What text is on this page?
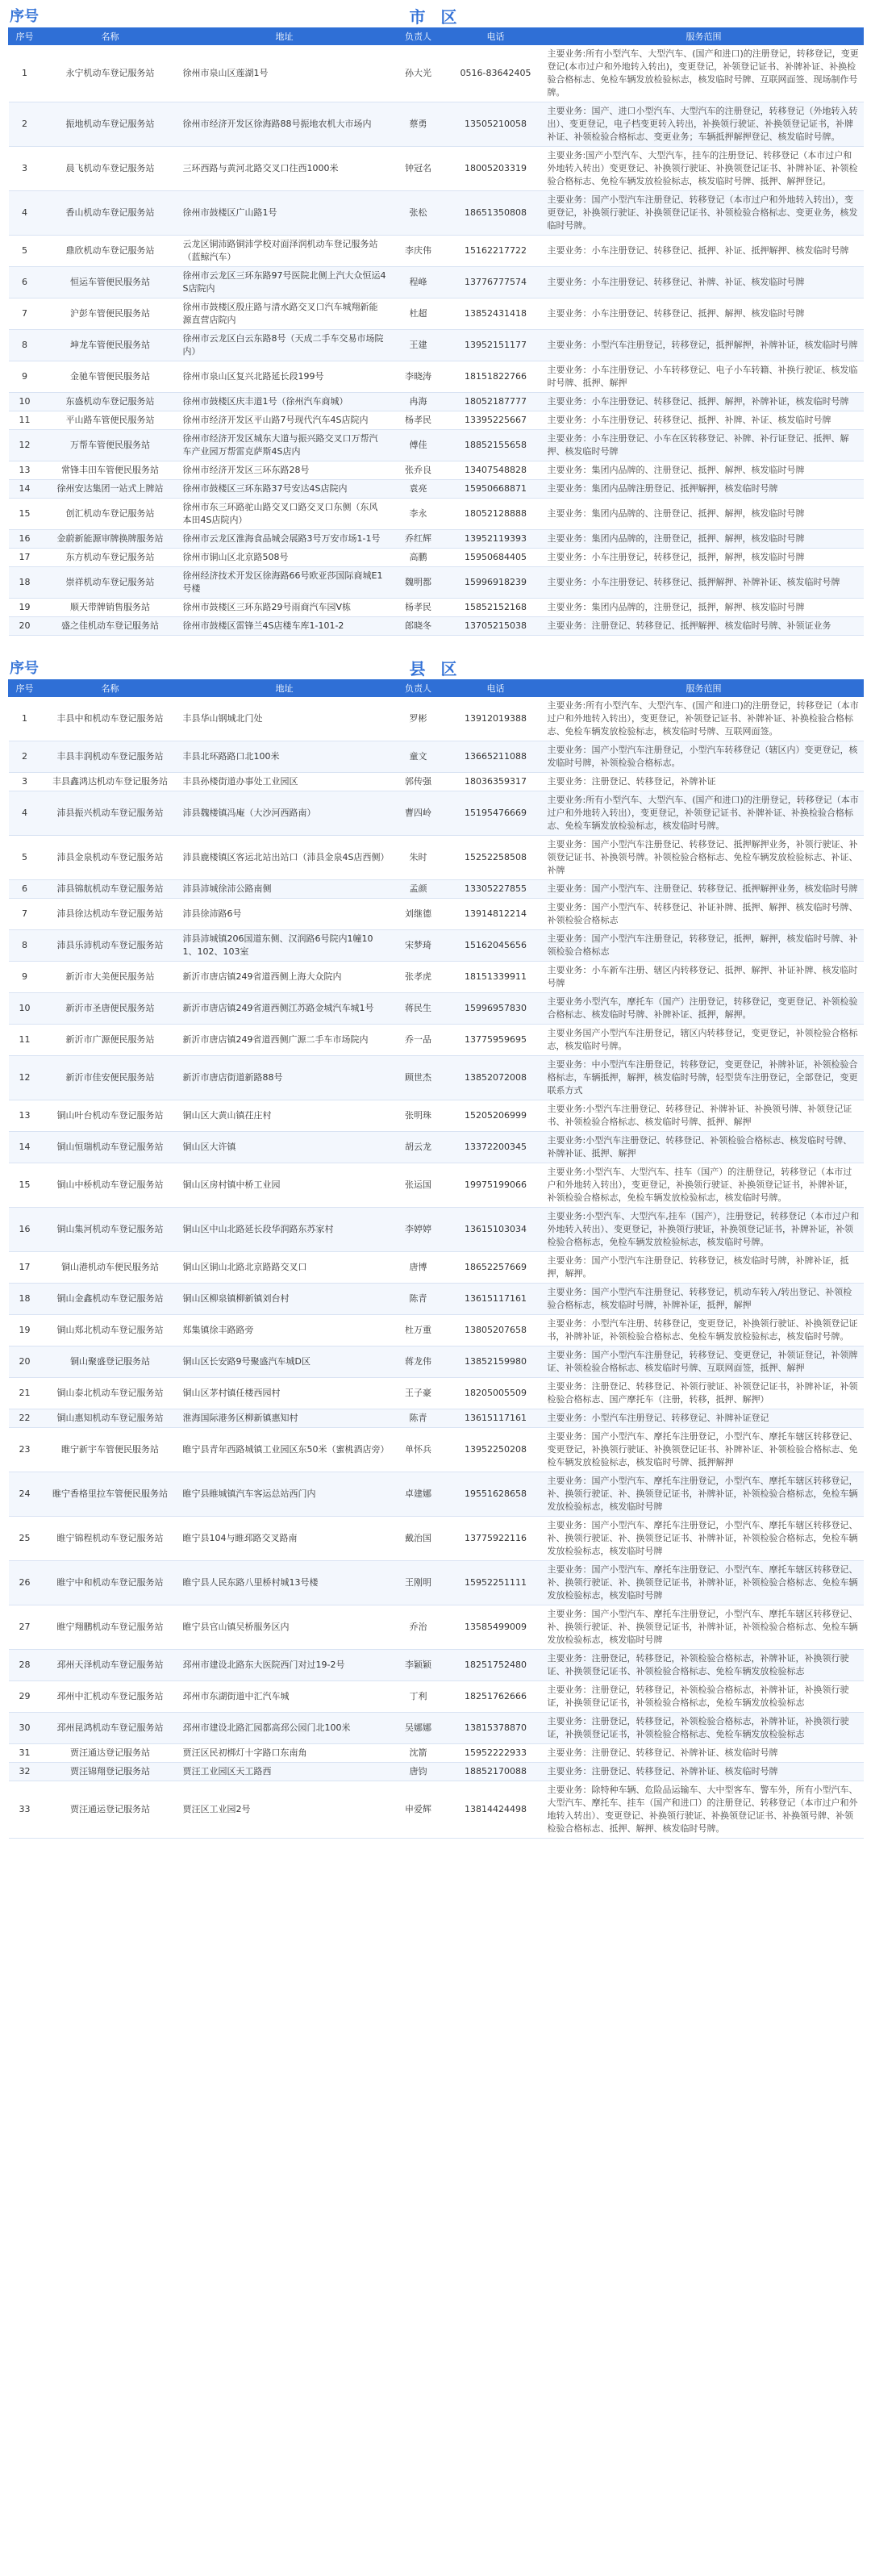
序号	市 区
序号	名称	地址	负责人	电话	服务范围
1	永宁机动车登记服务站	徐州市泉山区莲湖1号	孙大光	0516-83642405	主要业务:所有小型汽车、大型汽车、(国产和进口)的注册登记，转移登记，变更登记(本市过户和外地转入转出)，变更登记，补领登记证书、补牌补证、补换检验合格标志、免检车辆发放检验标志，核发临时号牌、互联网面签、现场制作号牌。
2	振地机动车登记服务站	徐州市经济开发区徐海路88号振地农机大市场内	蔡勇	13505210058	主要业务：国产、进口小型汽车、大型汽车的注册登记，转移登记（外地转入转出）、变更登记，电子档变更转入转出，补换领行驶证、补换领登记证书，补牌补证、补领检验合格标志、变更业务；车辆抵押解押登记、核发临时号牌。
3	晨飞机动车登记服务站	三环西路与黄河北路交叉口往西1000米	钟冠名	18005203319	主要业务:国产小型汽车、大型汽车，挂车的注册登记、转移登记（本市过户和外地转入转出）变更登记、补换领行驶证、补换领登记证书、补牌补证、补领检验合格标志、免检车辆发放检验标志，核发临时号牌、抵押、解押登记。
4	香山机动车登记服务站	徐州市鼓楼区广山路1号	张松	18651350808	主要业务：国产小型汽车注册登记、转移登记（本市过户和外地转入转出），变更登记，补换领行驶证、补换领登记证书、补领检验合格标志、变更业务，核发临时号牌。
5	鼎欣机动车登记服务站	云龙区铜沛路铜沛学校对面泽润机动车登记服务站（蓝鲸汽车）	李庆伟	15162217722	主要业务：小车注册登记、转移登记、抵押、补证、抵押解押、核发临时号牌
6	恒运车管便民服务站	徐州市云龙区三环东路97号医院北侧上汽大众恒运4S店院内	程峰	13776777574	主要业务：小车注册登记、转移登记、补牌、补证、核发临时号牌
7	沪彭车管便民服务站	徐州市鼓楼区殷庄路与清水路交叉口汽车城翔新能源直营店院内	杜超	13852431418	主要业务：小车注册登记、转移登记、抵押、解押、核发临时号牌
8	坤龙车管便民服务站	徐州市云龙区白云东路8号（天成二手车交易市场院内）	王建	13952151177	主要业务：小型汽车注册登记，转移登记，抵押解押，补牌补证，核发临时号牌
9	金驰车管便民服务站	徐州市泉山区复兴北路延长段199号	李晓涛	18151822766	主要业务：小车注册登记、小车转移登记、电子小车转籍、补换行驶证、核发临时号牌、抵押、解押
10	东盛机动车登记服务站	徐州市鼓楼区庆丰道1号（徐州汽车商城）	冉海	18052187777	主要业务：小车注册登记、转移登记、抵押、解押，补牌补证，核发临时号牌
11	平山路车管便民服务站	徐州市经济开发区平山路7号现代汽车4S店院内	杨孝民	13395225667	主要业务：小车注册登记、转移登记、抵押、补牌、补证、核发临时号牌
12	万帮车管便民服务站	徐州市经济开发区城东大道与振兴路交叉口万帮汽车产业园万帮雷克萨斯4S店内	傅佳	18852155658	主要业务：小车注册登记、小车在区转移登记、补牌、补行证登记、抵押、解押、核发临时号牌
13	常锋丰田车管便民服务站	徐州市经济开发区三环东路28号	张乔良	13407548828	主要业务：集团内品牌的、注册登记、抵押、解押、核发临时号牌
14	徐州安达集团一站式上牌站	徐州市鼓楼区三环东路37号安达4S店院内	袁亮	15950668871	主要业务：集团内品牌注册登记、抵押解押，核发临时号牌
15	创汇机动车登记服务站	徐州市东三环路驼山路交叉口路交叉口东侧（东风本田4S店院内）	李永	18052128888	主要业务：集团内品牌的、注册登记、抵押、解押，核发临时号牌
16	金蔚新能源审牌换牌服务站	徐州市云龙区淮海食品城会展路3号万安市场1-1号	乔红辉	13952119393	主要业务：集团内品牌的，注册登记，抵押、解押，核发临时号牌
17	东方机动车登记服务站	徐州市铜山区北京路508号	高鹏	15950684405	主要业务：小车注册登记，转移登记，抵押，解押，核发临时号牌
18	崇祥机动车登记服务站	徐州经济技术开发区徐海路66号欧亚莎国际商城E1号楼	魏明都	15996918239	主要业务：小车注册登记、转移登记、抵押解押、补牌补证、核发临时号牌
19	顺天带牌销售服务站	徐州市鼓楼区三环东路29号雨商汽车园V栋	杨孝民	15852152168	主要业务：集团内品牌的，注册登记，抵押，解押、核发临时号牌
20	盛之佳机动车登记服务站	徐州市鼓楼区雷锋兰4S店楼车库1-101-2	郎晓冬	13705215038	主要业务：注册登记、转移登记、抵押解押、核发临时号牌、补领证业务
序号	县 区
序号	名称	地址	负责人	电话	服务范围
1	丰县中和机动车登记服务站	丰县华山钢城北门处	罗彬	13912019388	主要业务:所有小型汽车、大型汽车、(国产和进口)的注册登记，转移登记（本市过户和外地转入转出），变更登记，补领登记证书、补牌补证、补换检验合格标志、免检车辆发放检验标志，核发临时号牌、互联网面签。
2	丰县丰润机动车登记服务站	丰县北环路路口北100米	童文	13665211088	主要业务：国产小型汽车注册登记，小型汽车转移登记（辖区内）变更登记，核发临时号牌，补领检验合格标志。
3	丰县鑫鸿达机动车登记服务站	丰县孙楼街道办事处工业园区	郭传强	18036359317	主要业务：注册登记、转移登记，补牌补证
4	沛县振兴机动车登记服务站	沛县魏楼镇冯庵（大沙河西路南）	曹四岭	15195476669	主要业务:所有小型汽车、大型汽车、(国产和进口)的注册登记，转移登记（本市过户和外地转入转出），变更登记，补领登记证书、补牌补证、补换检验合格标志、免检车辆发放检验标志，核发临时号牌。
5	沛县金泉机动车登记服务站	沛县鹿楼镇区客运北站出站口（沛县金泉4S店西侧）	朱时	15252258508	主要业务：国产小型汽车注册登记、转移登记、抵押解押业务，补领行驶证、补领登记证书、补换领号牌。补领检验合格标志、免检车辆发放检验标志、补证、补牌
6	沛县锦航机动车登记服务站	沛县沛城徐沛公路南侧	孟颜	13305227855	主要业务：国产小型汽车、注册登记、转移登记、抵押解押业务，核发临时号牌
7	沛县徐达机动车登记服务站	沛县徐沛路6号	刘继德	13914812214	主要业务：国产小型汽车、转移登记、补证补牌、抵押、解押、核发临时号牌、补领检验合格标志
8	沛县乐沛机动车登记服务站	沛县沛城镇206国道东侧、汉润路6号院内1幢101、102、103室	宋梦琦	15162045656	主要业务：国产小型汽车注册登记，转移登记，抵押，解押，核发临时号牌、补领检验合格标志
9	新沂市大美便民服务站	新沂市唐店镇249省道西侧上海大众院内	张孝虎	18151339911	主要业务：小车新车注册、辖区内转移登记、抵押、解押、补证补牌、核发临时号牌
10	新沂市圣唐便民服务站	新沂市唐店镇249省道西侧江苏路金城汽车城1号	蒋民生	15996957830	主要业务小型汽车，摩托车（国产）注册登记，转移登记，变更登记、补领检验合格标志、核发临时号牌、补牌补证、抵押，解押。
11	新沂市广源便民服务站	新沂市唐店镇249省道西侧广源二手车市场院内	乔一品	13775959695	主要业务国产小型汽车注册登记，辖区内转移登记，变更登记，补领检验合格标志，核发临时号牌。
12	新沂市佳安便民服务站	新沂市唐店街道新路88号	顾世杰	13852072008	主要业务：中小型汽车注册登记，转移登记，变更登记，补牌补证，补领检验合格标志，车辆抵押，解押，核发临时号牌，轻型货车注册登记，全部登记，变更联系方式
13	铜山叶台机动车登记服务站	铜山区大黄山镇茌庄村	张明珠	15205206999	主要业务:小型汽车注册登记、转移登记、补牌补证、补换领号牌、补领登记证书、补领检验合格标志、核发临时号牌、抵押、解押
14	铜山恒瑞机动车登记服务站	铜山区大许镇	胡云龙	13372200345	主要业务:小型汽车注册登记、转移登记、补领检验合格标志、核发临时号牌、补牌补证、抵押、解押
15	铜山中桥机动车登记服务站	铜山区房村镇中桥工业园	张运国	19975199066	主要业务:小型汽车、大型汽车、挂车（国产）的注册登记，转移登记（本市过户和外地转入转出），变更登记，补换领行驶证、补换领登记证书，补牌补证，补领检验合格标志，免检车辆发放检验标志，核发临时号牌。
16	铜山集河机动车登记服务站	铜山区中山北路延长段华润路东苏家村	李婷婷	13615103034	主要业务:小型汽车、大型汽车,挂车（国产），注册登记，转移登记（本市过户和外地转入转出）、变更登记，补换领行驶证，补换领登记证书，补牌补证，补领检验合格标志，免检车辆发放检验标志，核发临时号牌。
17	铜山港机动车便民服务站	铜山区铜山北路北京路路交叉口	唐博	18652257669	主要业务：国产小型汽车注册登记、转移登记，核发临时号牌，补牌补证，抵押，解押。
18	铜山金鑫机动车登记服务站	铜山区柳泉镇柳新镇刘台村	陈青	13615117161	主要业务：国产小型汽车注册登记、转移登记，机动车转入/转出登记、补领检验合格标志，核发临时号牌，补牌补证，抵押，解押
19	铜山郑北机动车登记服务站	郑集镇徐丰路路旁	杜万重	13805207658	主要业务：小型汽车注册、转移登记，变更登记，补换领行驶证、补换领登记证书，补牌补证，补领检验合格标志、免检车辆发放检验标志，核发临时号牌。
20	铜山聚盛登记服务站	铜山区长安路9号聚盛汽车城D区	蒋龙伟	13852159980	主要业务：国产小型汽车注册登记，转移登记、变更登记，补领证登记，补领牌证、补领检验合格标志、核发临时号牌、互联网面签，抵押、解押
21	铜山泰北机动车登记服务站	铜山区茅村镇任楼西园村	王子豪	18205005509	主要业务：注册登记、转移登记、补领行驶证、补领登记证书，补牌补证，补领检验合格标志、国产摩托车（注册，转移，抵押、解押）
22	铜山惠知机动车登记服务站	淮海国际港务区柳新镇惠知村	陈青	13615117161	主要业务：小型汽车注册登记、转移登记、补牌补证登记
23	睢宁新宇车管便民服务站	睢宁县青年西路城镇工业园区东50米（蜜桃酒店旁）	单怀兵	13952250208	主要业务：国产小型汽车、摩托车注册登记，小型汽车、摩托车辖区转移登记、变更登记，补换领行驶证、补换领登记证书、补牌补证、补领检验合格标志、免检车辆发放检验标志，核发临时号牌、抵押解押
24	睢宁香格里拉车管便民服务站	睢宁县睢城镇汽车客运总站西门内	卓建娜	19551628658	主要业务：国产小型汽车、摩托车注册登记，小型汽车、摩托车辖区转移登记，补、换领行驶证、补、换领登记证书，补牌补证，补领检验合格标志，免检车辆发放检验标志，核发临时号牌
25	睢宁锦程机动车登记服务站	睢宁县104与睢邳路交叉路南	戴治国	13775922116	主要业务：国产小型汽车、摩托车注册登记，小型汽车、摩托车辖区转移登记、补、换领行驶证、补、换领登记证书、补牌补证，补领检验合格标志，免检车辆发放检验标志，核发临时号牌
26	睢宁中和机动车登记服务站	睢宁县人民东路八里桥村城13号楼	王刚明	15952251111	主要业务：国产小型汽车、摩托车注册登记、小型汽车、摩托车辖区转移登记、补、换领行驶证、补、换领登记证书，补牌补证，补领检验合格标志、免检车辆发放检验标志，核发临时号牌
27	睢宁翔鹏机动车登记服务站	睢宁县官山镇吴桥服务区内	乔治	13585499009	主要业务：国产小型汽车、摩托车注册登记，小型汽车、摩托车辖区转移登记、补、换领行驶证、补、换领登记证书，补牌补证，补领检验合格标志、免检车辆发放检验标志，核发临时号牌
28	邳州天泽机动车登记服务站	邳州市建设北路东大医院西门对过19-2号	李颖颖	18251752480	主要业务：注册登记，转移登记，补领检验合格标志，补牌补证，补换领行驶证、补换领登记证书、补领检验合格标志、免检车辆发放检验标志
29	邳州中汇机动车登记服务站	邳州市东湖街道中汇汽车城	丁利	18251762666	主要业务：注册登记，转移登记，补领检验合格标志，补牌补证，补换领行驶证，补换领登记证书，补领检验合格标志，免检车辆发放检验标志
30	邳州昆鸿机动车登记服务站	邳州市建设北路汇园都高邳公园门北100米	吴娜娜	13815378870	主要业务：注册登记，转移登记，补领检验合格标志，补牌补证，补换领行驶证，补换领登记证书，补领检验合格标志、免检车辆发放检验标志
31	贾汪通达登记服务站	贾汪区民初梆灯十字路口东南角	沈箭	15952222933	主要业务：注册登记、转移登记、补牌补证、核发临时号牌
32	贾汪锦翔登记服务站	贾汪工业园区天工路西	唐钧	18852170088	主要业务：注册登记、转移登记、补牌补证、核发临时号牌
33	贾汪通运登记服务站	贾汪区工业园2号	申爱辉	13814424498	主要业务：除特种车辆、危险品运输车、大中型客车、警车外，所有小型汽车、大型汽车、摩托车、挂车（国产和进口）的注册登记、转移登记（本市过户和外地转入转出）、变更登记、补换领行驶证、补换领登记证书、补换领号牌、补领检验合格标志、抵押、解押、核发临时号牌。
